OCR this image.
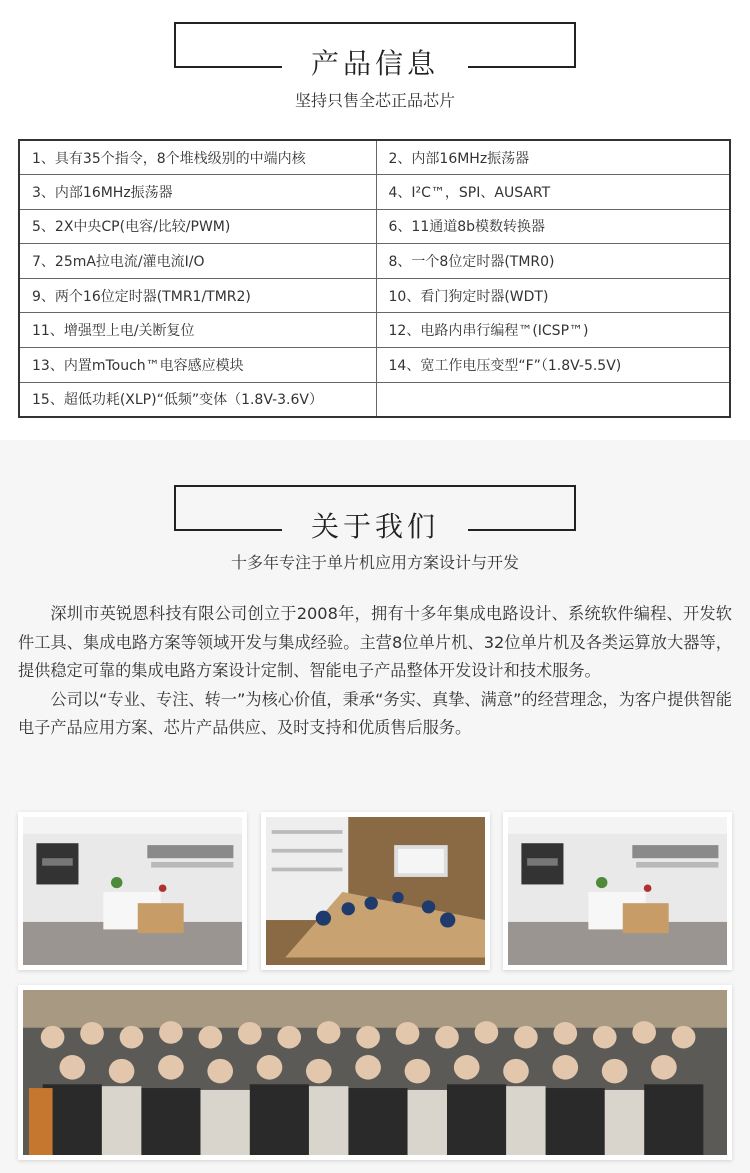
产品信息
坚持只售全芯正品芯片
1、具有35个指令，8个堆栈级别的中端内核	2、内部16MHz振荡器
3、内部16MHz振荡器	4、I²C™，SPI、AUSART
5、2X中央CP(电容/比较/PWM)	6、11通道8b模数转换器
7、25mA拉电流/灌电流I/O	8、一个8位定时器(TMR0)
9、两个16位定时器(TMR1/TMR2)	10、看门狗定时器(WDT)
11、增强型上电/关断复位	12、电路内串行编程™(ICSP™)
13、内置mTouch™电容感应模块	14、宽工作电压变型“F”（1.8V-5.5V)
15、超低功耗(XLP)“低频”变体（1.8V-3.6V）	
关于我们
十多年专注于单片机应用方案设计与开发

深圳市英锐恩科技有限公司创立于2008年，拥有十多年集成电路设计、系统软件编程、开发软件工具、集成电路方案等领域开发与集成经验。主营8位单片机、32位单片机及各类运算放大器等，提供稳定可靠的集成电路方案设计定制、智能电子产品整体开发设计和技术服务。

公司以“专业、专注、转一”为核心价值，秉承“务实、真挚、满意”的经营理念，为客户提供智能电子产品应用方案、芯片产品供应、及时支持和优质售后服务。
